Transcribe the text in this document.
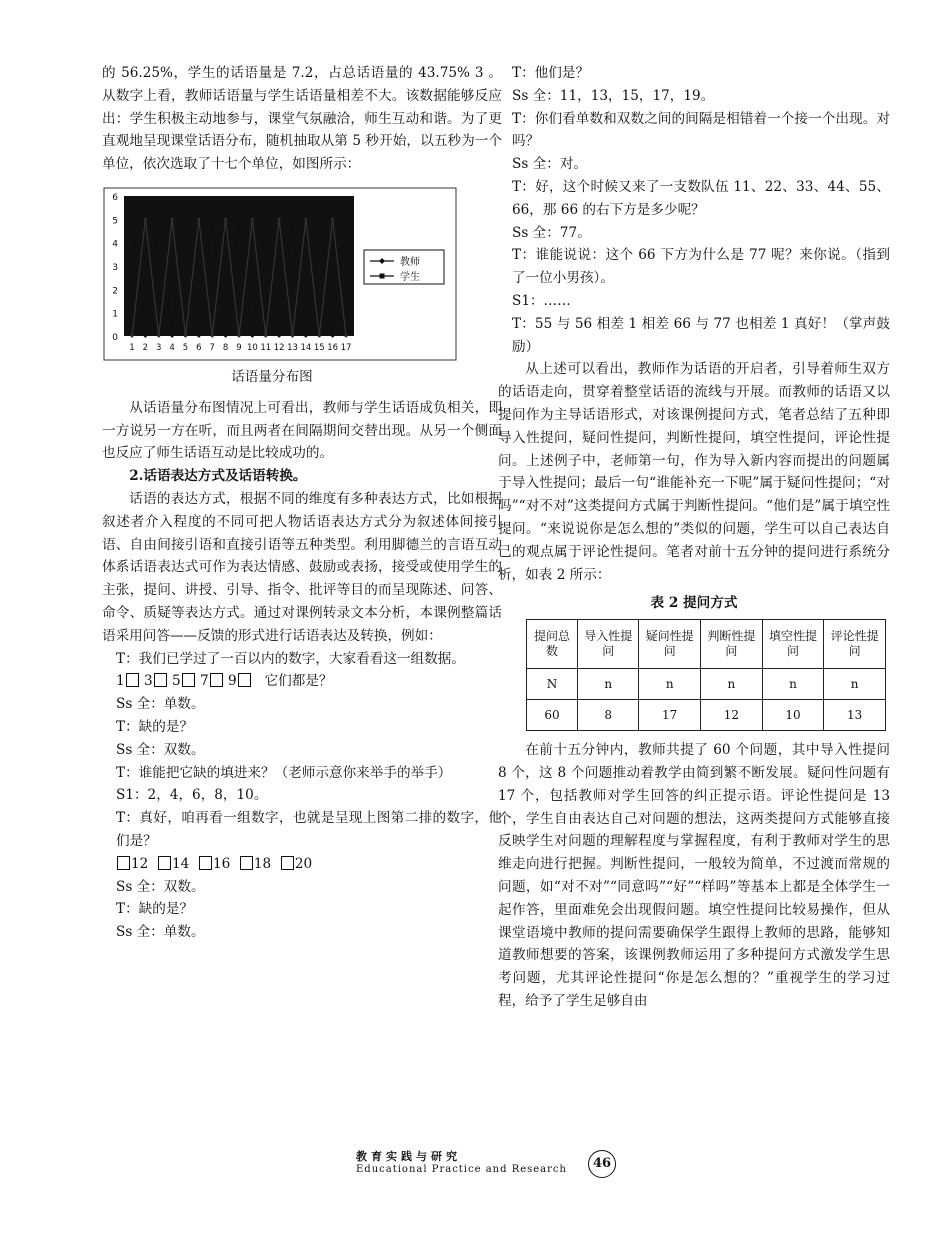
的 56.25%，学生的话语量是 7.2，占总话语量的 43.75% 3 。从数字上看，教师话语量与学生话语量相差不大。该数据能够反应出：学生积极主动地参与，课堂气氛融洽，师生互动和谐。为了更直观地呈现课堂话语分布，随机抽取从第 5 秒开始，以五秒为一个单位，依次选取了十七个单位，如图所示：

0
1
2
3
4
5
6
1 2 3 4 5 6 7 8 9 10 11 12 13 14 15 16 17
教师
学生
话语量分布图

从话语量分布图情况上可看出，教师与学生话语成负相关，即一方说另一方在听，而且两者在间隔期间交替出现。从另一个侧面也反应了师生话语互动是比较成功的。

2.话语表达方式及话语转换。

话语的表达方式，根据不同的维度有多种表达方式，比如根据叙述者介入程度的不同可把人物话语表达方式分为叙述体间接引语、自由间接引语和直接引语等五种类型。利用脚德兰的言语互动体系话语表达式可作为表达情感、鼓励或表扬，接受或使用学生的主张，提问、讲授、引导、指令、批评等目的而呈现陈述、问答、命令、质疑等表达方式。通过对课例转录文本分析，本课例整篇话语采用问答——反馈的形式进行话语表达及转换，例如：

T：我们已学过了一百以内的数字，大家看看这一组数据。

1 3 5 7 9 它们都是？

Ss 全：单数。

T：缺的是？

Ss 全：双数。

T：谁能把它缺的填进来？（老师示意你来举手的举手）

S1：2，4，6，8，10。

T：真好，咱再看一组数字，也就是呈现上图第二排的数字，他们是？

12 14 16 18 20

Ss 全：双数。

T：缺的是？

Ss 全：单数。

T：他们是？

Ss 全：11，13，15，17，19。

T：你们看单数和双数之间的间隔是相错着一个接一个出现。对吗？

Ss 全：对。

T：好，这个时候又来了一支数队伍 11、22、33、44、55、66，那 66 的右下方是多少呢？

Ss 全：77。

T：谁能说说：这个 66 下方为什么是 77 呢？来你说。（指到了一位小男孩）。

S1：……

T：55 与 56 相差 1 相差 66 与 77 也相差 1 真好！（掌声鼓励）

从上述可以看出，教师作为话语的开启者，引导着师生双方的话语走向，贯穿着整堂话语的流线与开展。而教师的话语又以提问作为主导话语形式，对该课例提问方式，笔者总结了五种即导入性提问，疑问性提问，判断性提问，填空性提问，评论性提问。上述例子中，老师第一句，作为导入新内容而提出的问题属于导入性提问；最后一句“谁能补充一下呢”属于疑问性提问；“对吗”“对不对”这类提问方式属于判断性提问。“他们是”属于填空性提问。“来说说你是怎么想的”类似的问题，学生可以自己表达自己的观点属于评论性提问。笔者对前十五分钟的提问进行系统分析，如表 2 所示：

表 2 提问方式
提问总数	导入性提问	疑问性提问	判断性提问	填空性提问	评论性提问
N	n	n	n	n	n
60	8	17	12	10	13

在前十五分钟内，教师共提了 60 个问题，其中导入性提问 8 个，这 8 个问题推动着教学由简到繁不断发展。疑问性问题有 17 个，包括教师对学生回答的纠正提示语。评论性提问是 13 个，学生自由表达自己对问题的想法，这两类提问方式能够直接反映学生对问题的理解程度与掌握程度，有利于教师对学生的思维走向进行把握。判断性提问，一般较为简单，不过渡而常规的问题，如“对不对”“同意吗”“好”“样吗”等基本上都是全体学生一起作答，里面难免会出现假问题。填空性提问比较易操作，但从课堂语境中教师的提问需要确保学生跟得上教师的思路，能够知道教师想要的答案，该课例教师运用了多种提问方式激发学生思考问题，尤其评论性提问“你是怎么想的？”重视学生的学习过程，给予了学生足够自由

教育实践与研究
Educational Practice and Research	46
